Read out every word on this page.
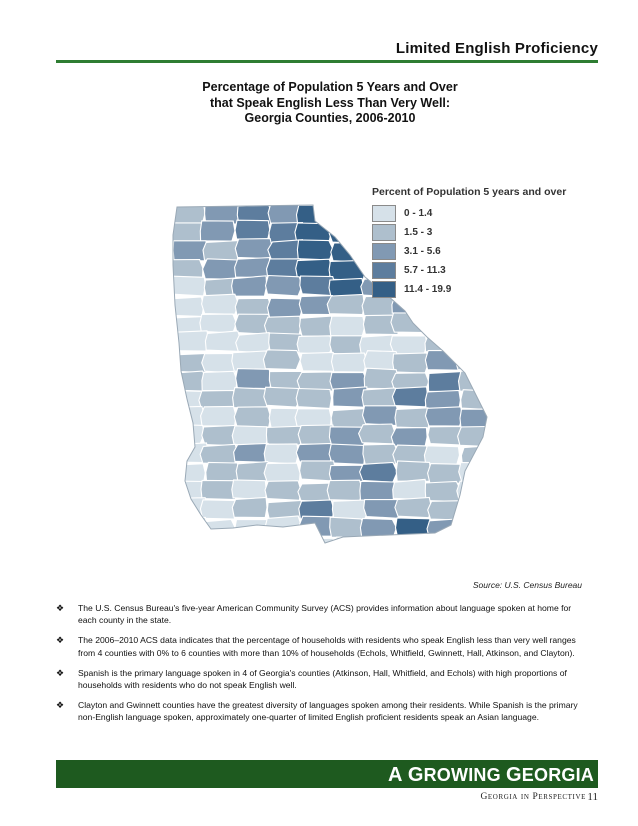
Limited English Proficiency
Percentage of Population 5 Years and Over
that Speak English Less Than Very Well:
Georgia Counties, 2006-2010
Percent of Population 5 years and over
0 - 1.4
1.5 - 3
3.1 - 5.6
5.7 - 11.3
11.4 - 19.9
Source: U.S. Census Bureau
❖	The U.S. Census Bureau's five-year American Community Survey (ACS) provides information about language spoken at home for each county in the state.
❖	The 2006–2010 ACS data indicates that the percentage of households with residents who speak English less than very well ranges from 4 counties with 0% to 6 counties with more than 10% of households (Echols, Whitfield, Gwinnett, Hall, Atkinson, and Clayton).
❖	Spanish is the primary language spoken in 4 of Georgia's counties (Atkinson, Hall, Whitfield, and Echols) with high proportions of households with residents who do not speak English well.
❖	Clayton and Gwinnett counties have the greatest diversity of languages spoken among their residents. While Spanish is the primary non-English language spoken, approximately one-quarter of limited English proficient residents speak an Asian language.
A GROWING GEORGIA
Georgia in Perspective 11
